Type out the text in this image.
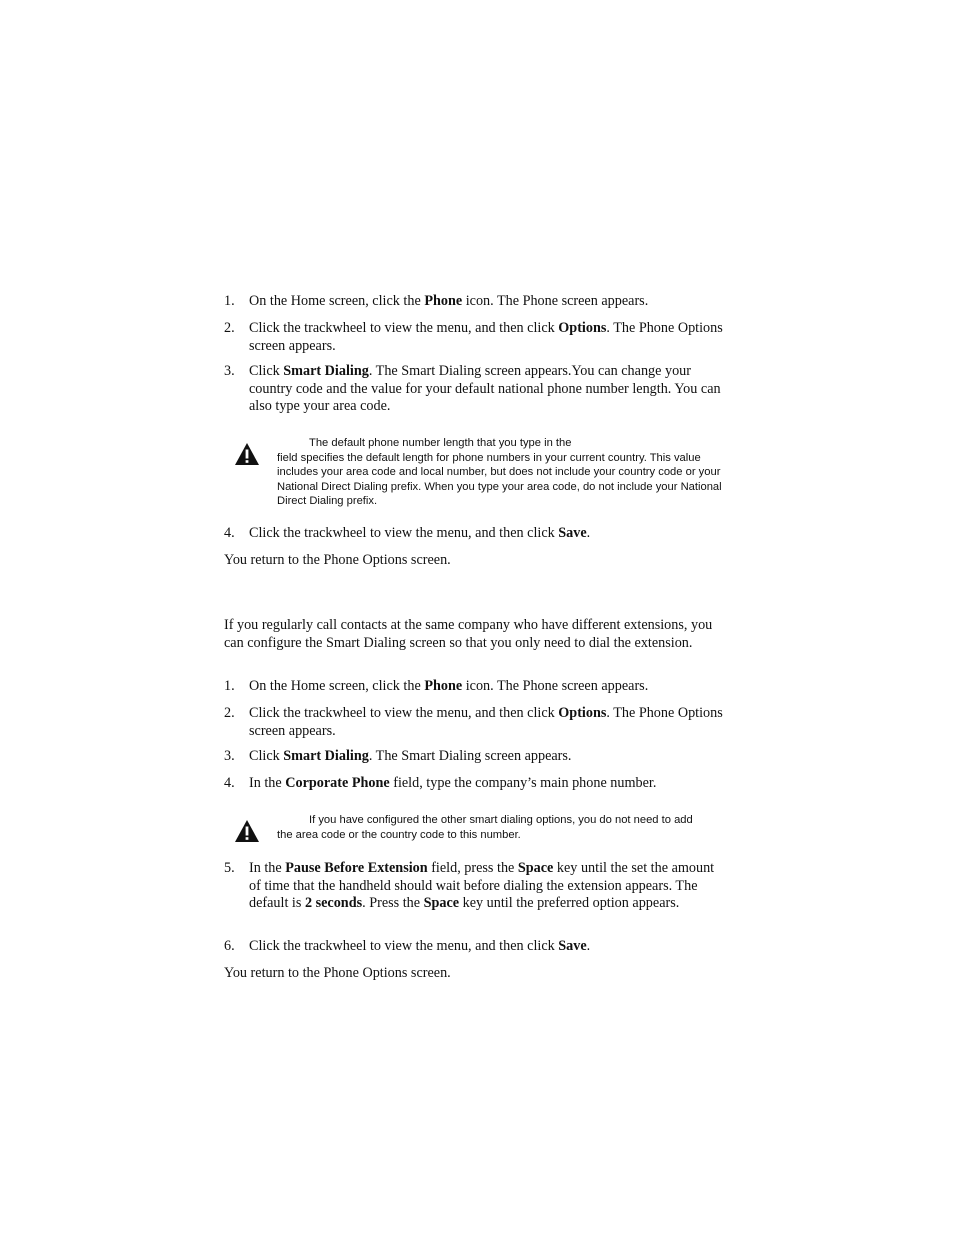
1. On the Home screen, click the Phone icon. The Phone screen appears.
2. Click the trackwheel to view the menu, and then click Options. The Phone Options screen appears.
3. Click Smart Dialing. The Smart Dialing screen appears.You can change your country code and the value for your default national phone number length. You can also type your area code.
The default phone number length that you type in the
field specifies the default length for phone numbers in your current country. This value includes your area code and local number, but does not include your country code or your National Direct Dialing prefix. When you type your area code, do not include your National Direct Dialing prefix.
4. Click the trackwheel to view the menu, and then click Save.
You return to the Phone Options screen.
If you regularly call contacts at the same company who have different extensions, you can configure the Smart Dialing screen so that you only need to dial the extension.
1. On the Home screen, click the Phone icon. The Phone screen appears.
2. Click the trackwheel to view the menu, and then click Options. The Phone Options screen appears.
3. Click Smart Dialing. The Smart Dialing screen appears.
4. In the Corporate Phone field, type the company’s main phone number.
If you have configured the other smart dialing options, you do not need to add
the area code or the country code to this number.
5. In the Pause Before Extension field, press the Space key until the set the amount of time that the handheld should wait before dialing the extension appears. The default is 2 seconds. Press the Space key until the preferred option appears.
6. Click the trackwheel to view the menu, and then click Save.
You return to the Phone Options screen.
